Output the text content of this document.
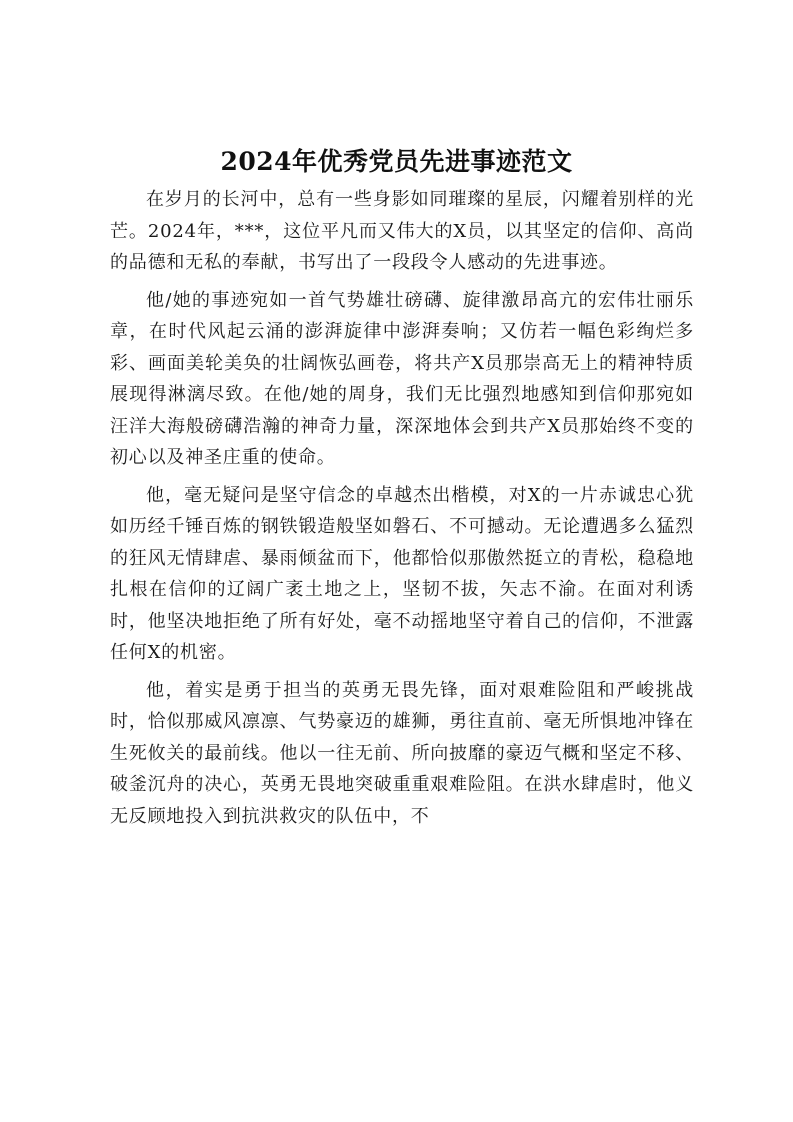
2024年优秀党员先进事迹范文

在岁月的长河中，总有一些身影如同璀璨的星辰，闪耀着别样的光芒。2024年，***，这位平凡而又伟大的X员，以其坚定的信仰、高尚的品德和无私的奉献，书写出了一段段令人感动的先进事迹。

他/她的事迹宛如一首气势雄壮磅礴、旋律激昂高亢的宏伟壮丽乐章，在时代风起云涌的澎湃旋律中澎湃奏响；又仿若一幅色彩绚烂多彩、画面美轮美奂的壮阔恢弘画卷，将共产X员那崇高无上的精神特质展现得淋漓尽致。在他/她的周身，我们无比强烈地感知到信仰那宛如汪洋大海般磅礴浩瀚的神奇力量，深深地体会到共产X员那始终不变的初心以及神圣庄重的使命。

他，毫无疑问是坚守信念的卓越杰出楷模，对X的一片赤诚忠心犹如历经千锤百炼的钢铁锻造般坚如磐石、不可撼动。无论遭遇多么猛烈的狂风无情肆虐、暴雨倾盆而下，他都恰似那傲然挺立的青松，稳稳地扎根在信仰的辽阔广袤土地之上，坚韧不拔，矢志不渝。在面对利诱时，他坚决地拒绝了所有好处，毫不动摇地坚守着自己的信仰，不泄露任何X的机密。

他，着实是勇于担当的英勇无畏先锋，面对艰难险阻和严峻挑战时，恰似那威风凛凛、气势豪迈的雄狮，勇往直前、毫无所惧地冲锋在生死攸关的最前线。他以一往无前、所向披靡的豪迈气概和坚定不移、破釜沉舟的决心，英勇无畏地突破重重艰难险阻。在洪水肆虐时，他义无反顾地投入到抗洪救灾的队伍中，不
